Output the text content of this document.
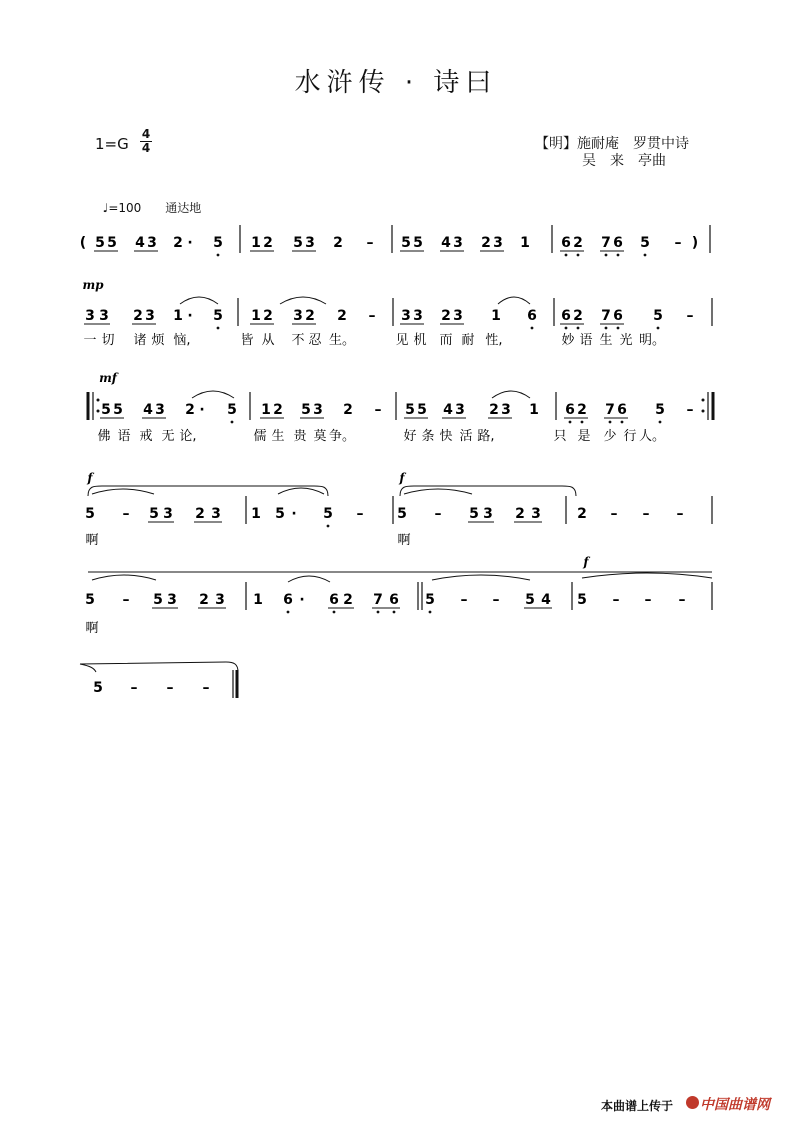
水浒传 · 诗曰
1=G
4
4	【明】施耐庵　罗贯中诗
吴　来　亭曲

♩=100　　 通达地

( 5 5 4 3 2 · 5 1 2 5 3 2 – 5 5 4 3 2 3 1 6 2 7 6 5 – )
mp
3 3 2 3 1 · 5 1 2 3 2 2 – 3 3 2 3 1 6 6 2 7 6 5 –
一 切 诸 烦 恼,	皆 从 不 忍 生。	见 机 而 耐 性,	妙 语 生 光 明。
mf
5 5 4 3 2 · 5 1 2 5 3 2 – 5 5 4 3 2 3 1 6 2 7 6 5 –
佛 语 戒 无 论,	儒 生 贵 莫 争。	好 条 快 活 路,	只 是 少 行 人。
f	f
5 – 5 3 2 3 1 5 · 5 – 5 – 5 3 2 3	2 – – –
啊	啊
f
5 – 5 3 2 3 1 6 · 6 2 7 6 5 – – 5 4 5 – – –
啊
5 – – –
本曲谱上传于 中国曲谱网
